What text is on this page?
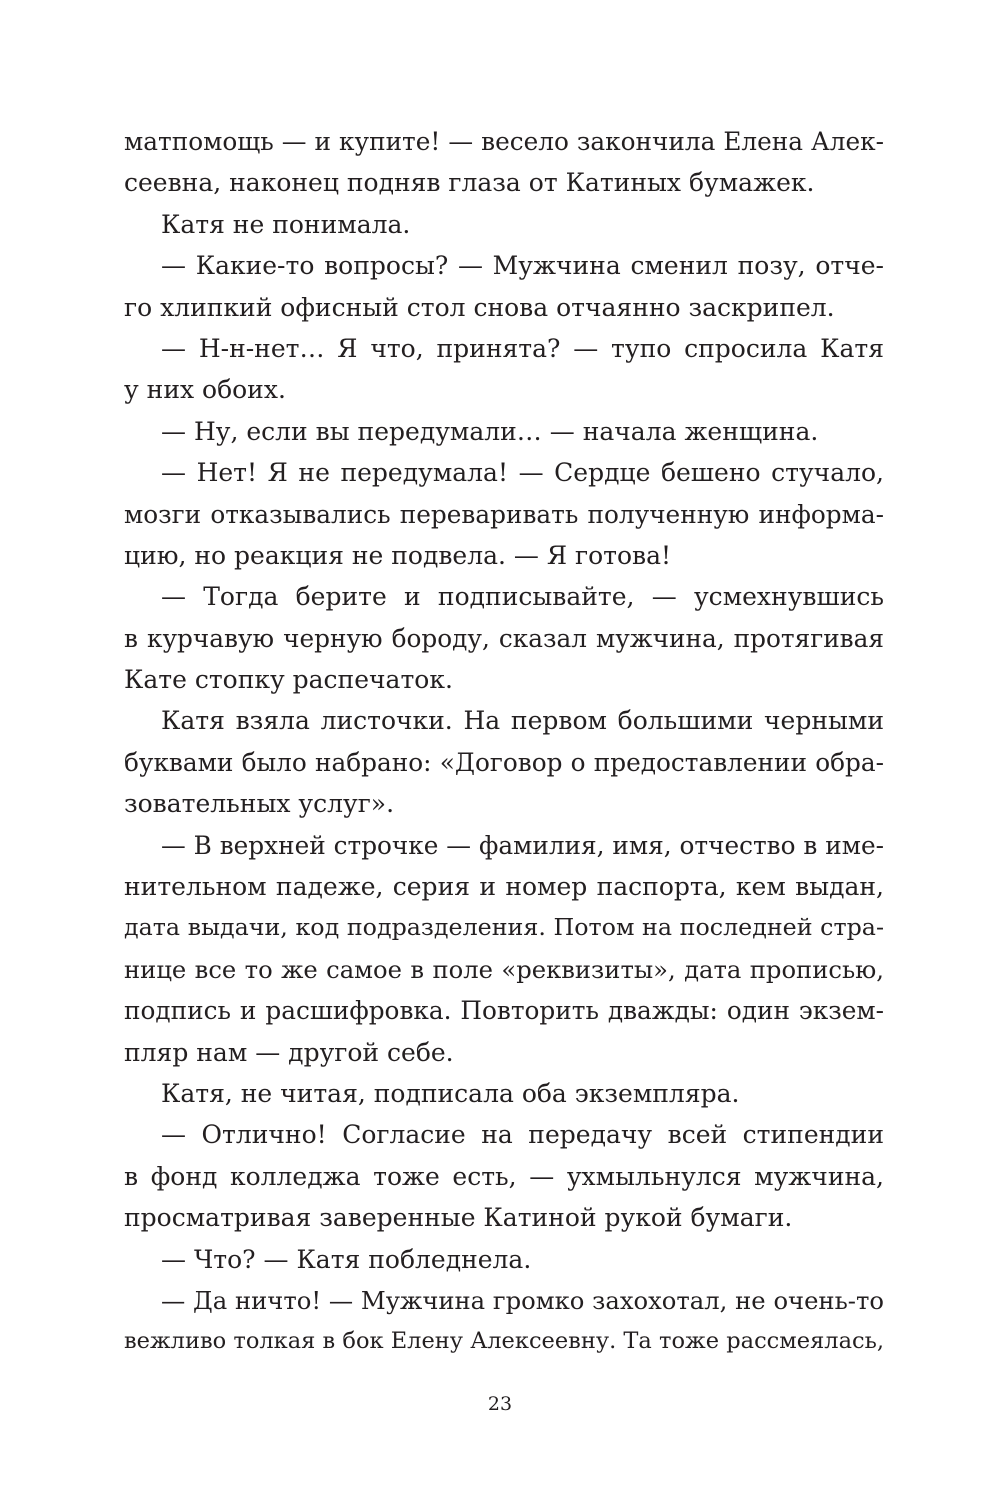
матпомощь — и купите! — весело закончила Елена Алек-
сеевна, наконец подняв глаза от Катиных бумажек.
Катя не понимала.
— Какие-то вопросы? — Мужчина сменил позу, отче-
го хлипкий офисный стол снова отчаянно заскрипел.
— Н-н-нет… Я что, принята? — тупо спросила Катя
у них обоих.
— Ну, если вы передумали… — начала женщина.
— Нет! Я не передумала! — Сердце бешено стучало,
мозги отказывались переваривать полученную информа-
цию, но реакция не подвела. — Я готова!
— Тогда берите и подписывайте, — усмехнувшись
в курчавую черную бороду, сказал мужчина, протягивая
Кате стопку распечаток.
Катя взяла листочки. На первом большими черными
буквами было набрано: «Договор о предоставлении обра-
зовательных услуг».
— В верхней строчке — фамилия, имя, отчество в име-
нительном падеже, серия и номер паспорта, кем выдан,
дата выдачи, код подразделения. Потом на последней стра-
нице все то же самое в поле «реквизиты», дата прописью,
подпись и расшифровка. Повторить дважды: один экзем-
пляр нам — другой себе.
Катя, не читая, подписала оба экземпляра.
— Отлично! Согласие на передачу всей стипендии
в фонд колледжа тоже есть, — ухмыльнулся мужчина,
просматривая заверенные Катиной рукой бумаги.
— Что? — Катя побледнела.
— Да ничто! — Мужчина громко захохотал, не очень-то
вежливо толкая в бок Елену Алексеевну. Та тоже рассмеялась,
23
